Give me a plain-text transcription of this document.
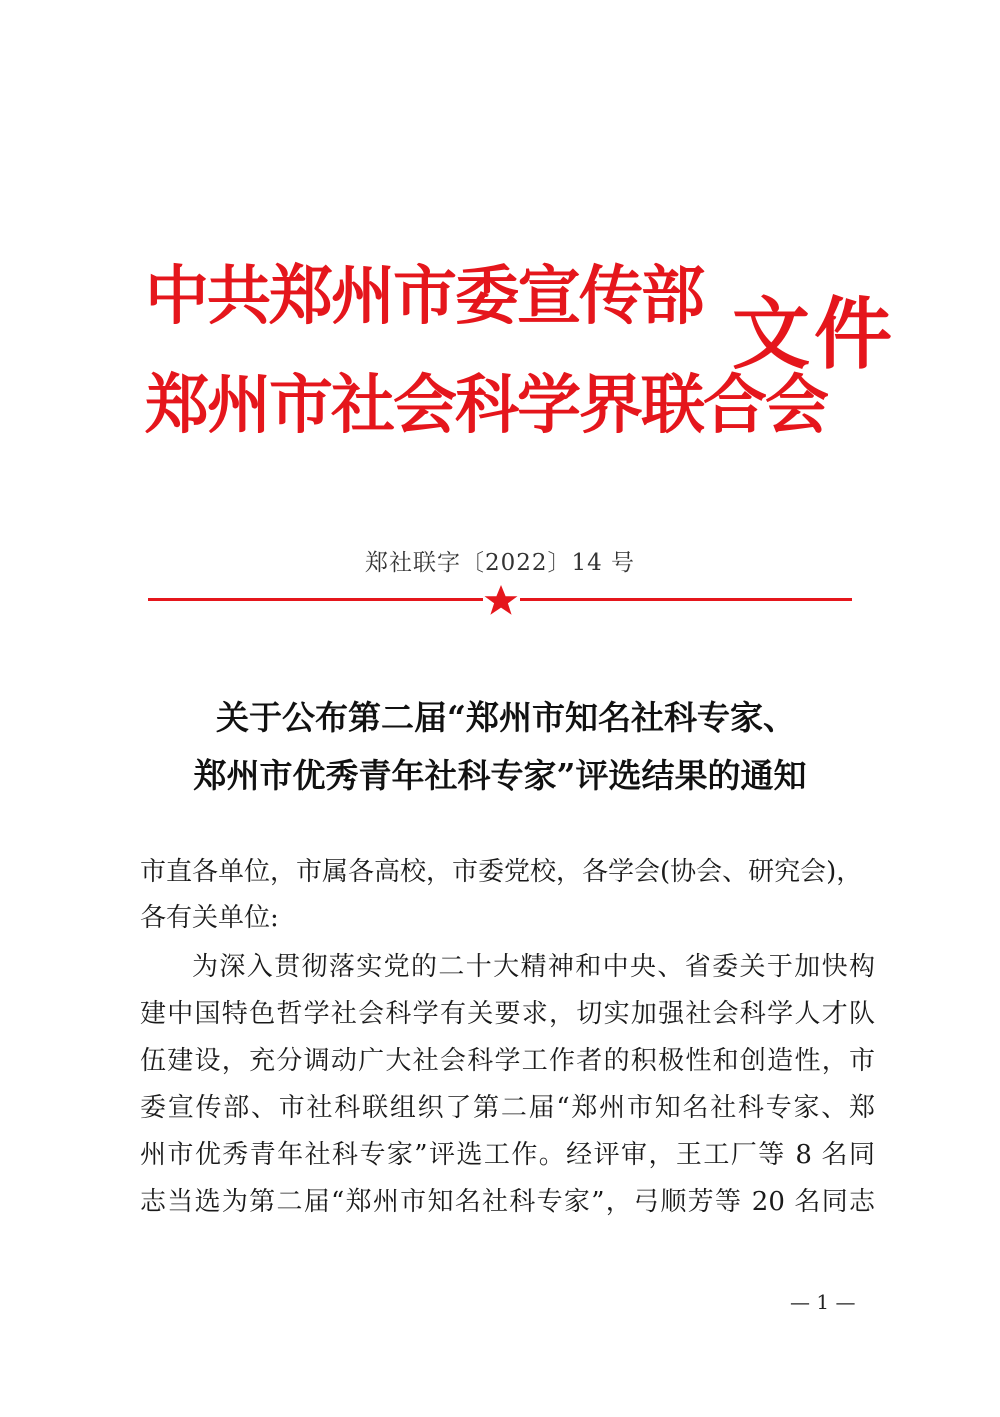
中共郑州市委宣传部
郑州市社会科学界联合会
文件
郑社联字〔2022〕14 号
关于公布第二届“郑州市知名社科专家、
郑州市优秀青年社科专家”评选结果的通知
市直各单位，市属各高校，市委党校，各学会(协会、研究会)，
各有关单位:
为深入贯彻落实党的二十大精神和中央、省委关于加快构
建中国特色哲学社会科学有关要求，切实加强社会科学人才队
伍建设，充分调动广大社会科学工作者的积极性和创造性，市
委宣传部、市社科联组织了第二届“郑州市知名社科专家、郑
州市优秀青年社科专家”评选工作。经评审，王工厂等 8 名同
志当选为第二届“郑州市知名社科专家”，弓顺芳等 20 名同志
— 1 —
